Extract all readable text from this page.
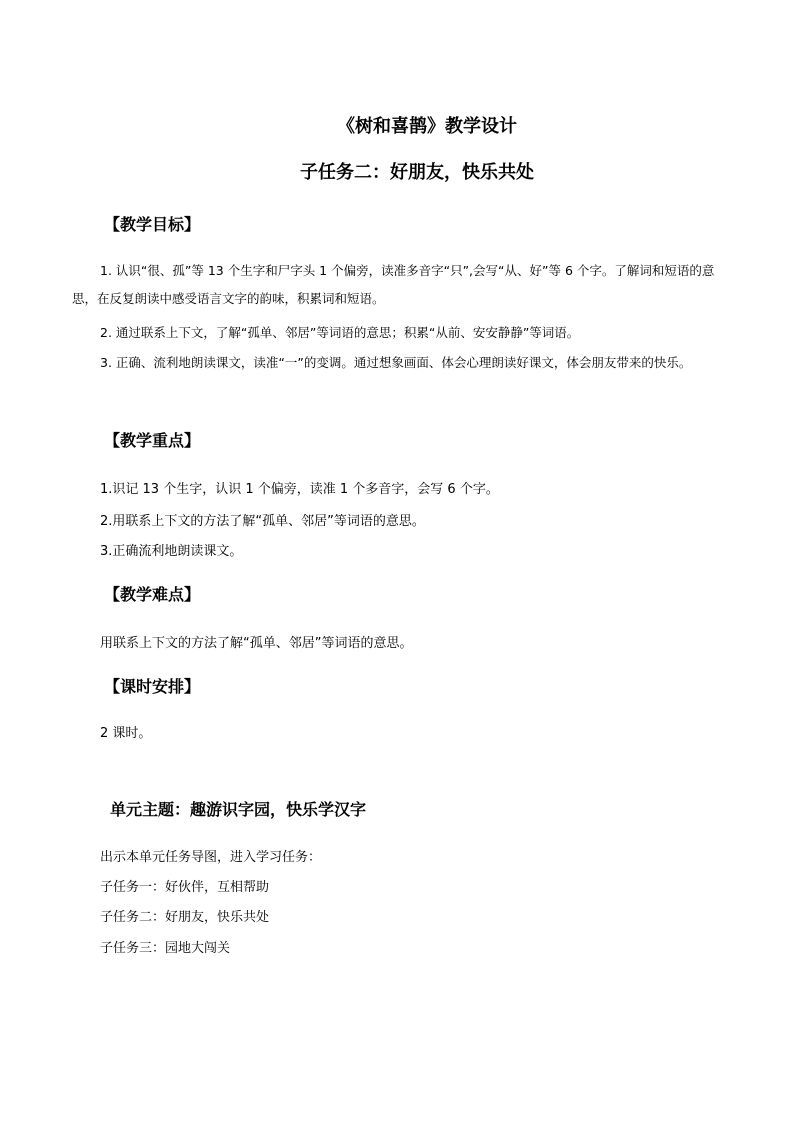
《树和喜鹊》教学设计
子任务二：好朋友，快乐共处
【教学目标】
1. 认识“很、孤”等 13 个生字和尸字头 1 个偏旁，读准多音字“只”,会写“从、好”等 6 个字。了解词和短语的意思，在反复朗读中感受语言文字的韵味，积累词和短语。
2. 通过联系上下文，了解“孤单、邻居”等词语的意思；积累“从前、安安静静”等词语。
3. 正确、流利地朗读课文，读准“一”的变调。通过想象画面、体会心理朗读好课文，体会朋友带来的快乐。
【教学重点】
1.识记 13 个生字，认识 1 个偏旁，读准 1 个多音字，会写 6 个字。
2.用联系上下文的方法了解“孤单、邻居”等词语的意思。
3.正确流利地朗读课文。
【教学难点】
用联系上下文的方法了解“孤单、邻居”等词语的意思。
【课时安排】
2 课时。
单元主题：趣游识字园，快乐学汉字
出示本单元任务导图，进入学习任务：
子任务一：好伙伴，互相帮助
子任务二：好朋友，快乐共处
子任务三：园地大闯关
